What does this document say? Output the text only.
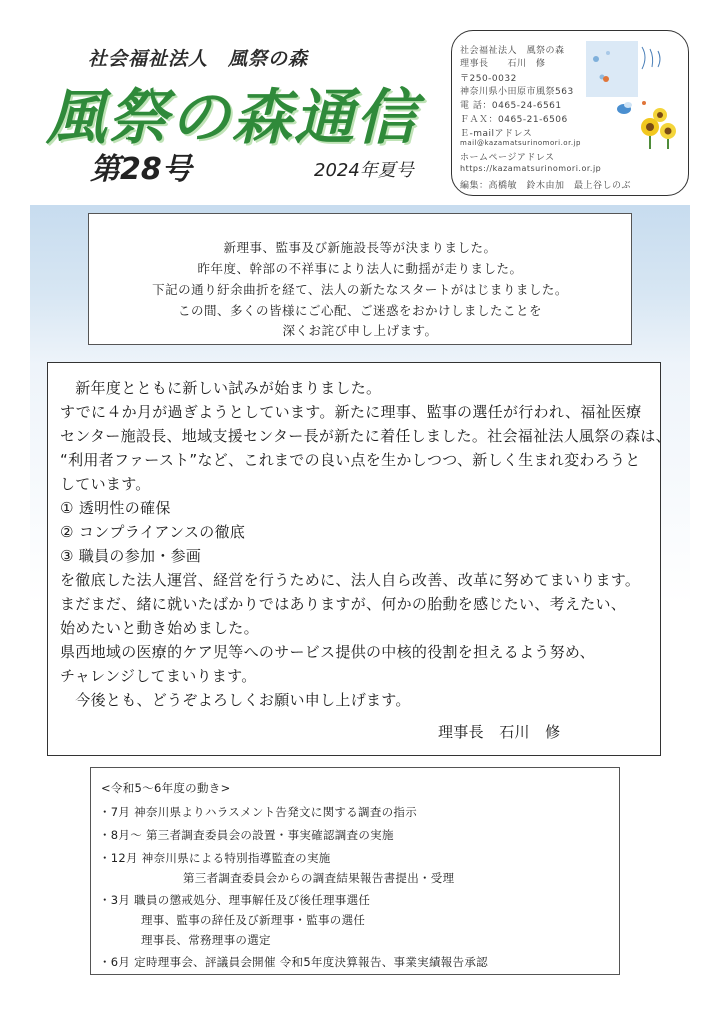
社会福祉法人　風祭の森
風祭の森通信
第28号	2024年夏号
社会福祉法人　風祭の森
理事長　　石川　修
〒250-0032
神奈川県小田原市風祭563
電 話：0465-24-6561
ＦＡＸ：0465-21-6506
Ｅ-mailアドレス
mail@kazamatsurinomori.or.jp
ホームページアドレス
https://kazamatsurinomori.or.jp
編集：高橋敏　鈴木由加　最上谷しのぶ
新理事、監事及び新施設長等が決まりました。
昨年度、幹部の不祥事により法人に動揺が走りました。
下記の通り紆余曲折を経て、法人の新たなスタートがはじまりました。
この間、多くの皆様にご心配、ご迷惑をおかけしましたことを
深くお詫び申し上げます。
　新年度とともに新しい試みが始まりました。
すでに４か月が過ぎようとしています。新たに理事、監事の選任が行われ、福祉医療
センター施設長、地域支援センター長が新たに着任しました。社会福祉法人風祭の森は、
“利用者ファースト”など、これまでの良い点を生かしつつ、新しく生まれ変わろうと
しています。
① 透明性の確保
② コンプライアンスの徹底
③ 職員の参加・参画
を徹底した法人運営、経営を行うために、法人自ら改善、改革に努めてまいります。
まだまだ、緒に就いたばかりではありますが、何かの胎動を感じたい、考えたい、
始めたいと動き始めました。
県西地域の医療的ケア児等へのサービス提供の中核的役割を担えるよう努め、
チャレンジしてまいります。
　今後とも、どうぞよろしくお願い申し上げます。
理事長　石川　修
<令和5～6年度の動き>
・7月 神奈川県よりハラスメント告発文に関する調査の指示
・8月～ 第三者調査委員会の設置・事実確認調査の実施
・12月 神奈川県による特別指導監査の実施
第三者調査委員会からの調査結果報告書提出・受理
・3月 職員の懲戒処分、理事解任及び後任理事選任
理事、監事の辞任及び新理事・監事の選任
理事長、常務理事の選定
・6月 定時理事会、評議員会開催 令和5年度決算報告、事業実績報告承認
